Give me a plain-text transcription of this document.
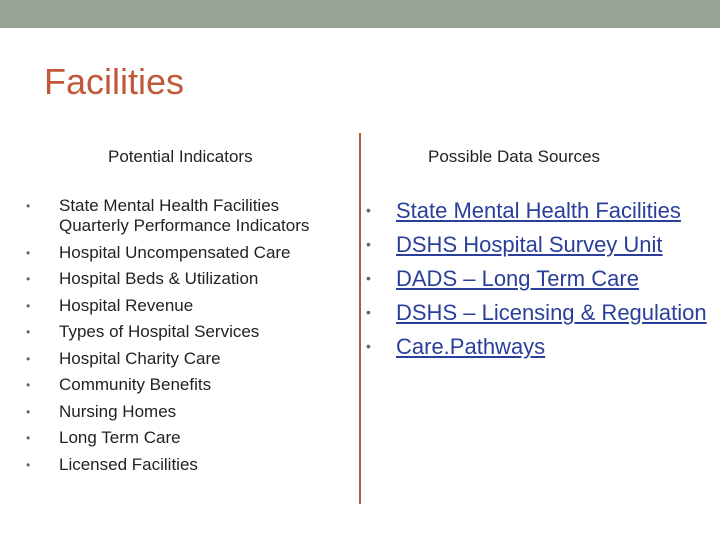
Facilities
Potential Indicators	Possible Data Sources
• State Mental Health Facilities Quarterly Performance Indicators
• Hospital Uncompensated Care
• Hospital Beds & Utilization
• Hospital Revenue
• Types of Hospital Services
• Hospital Charity Care
• Community Benefits
• Nursing Homes
• Long Term Care
• Licensed Facilities
• State Mental Health Facilities
• DSHS Hospital Survey Unit
• DADS – Long Term Care
• DSHS – Licensing & Regulation
• Care.Pathways
